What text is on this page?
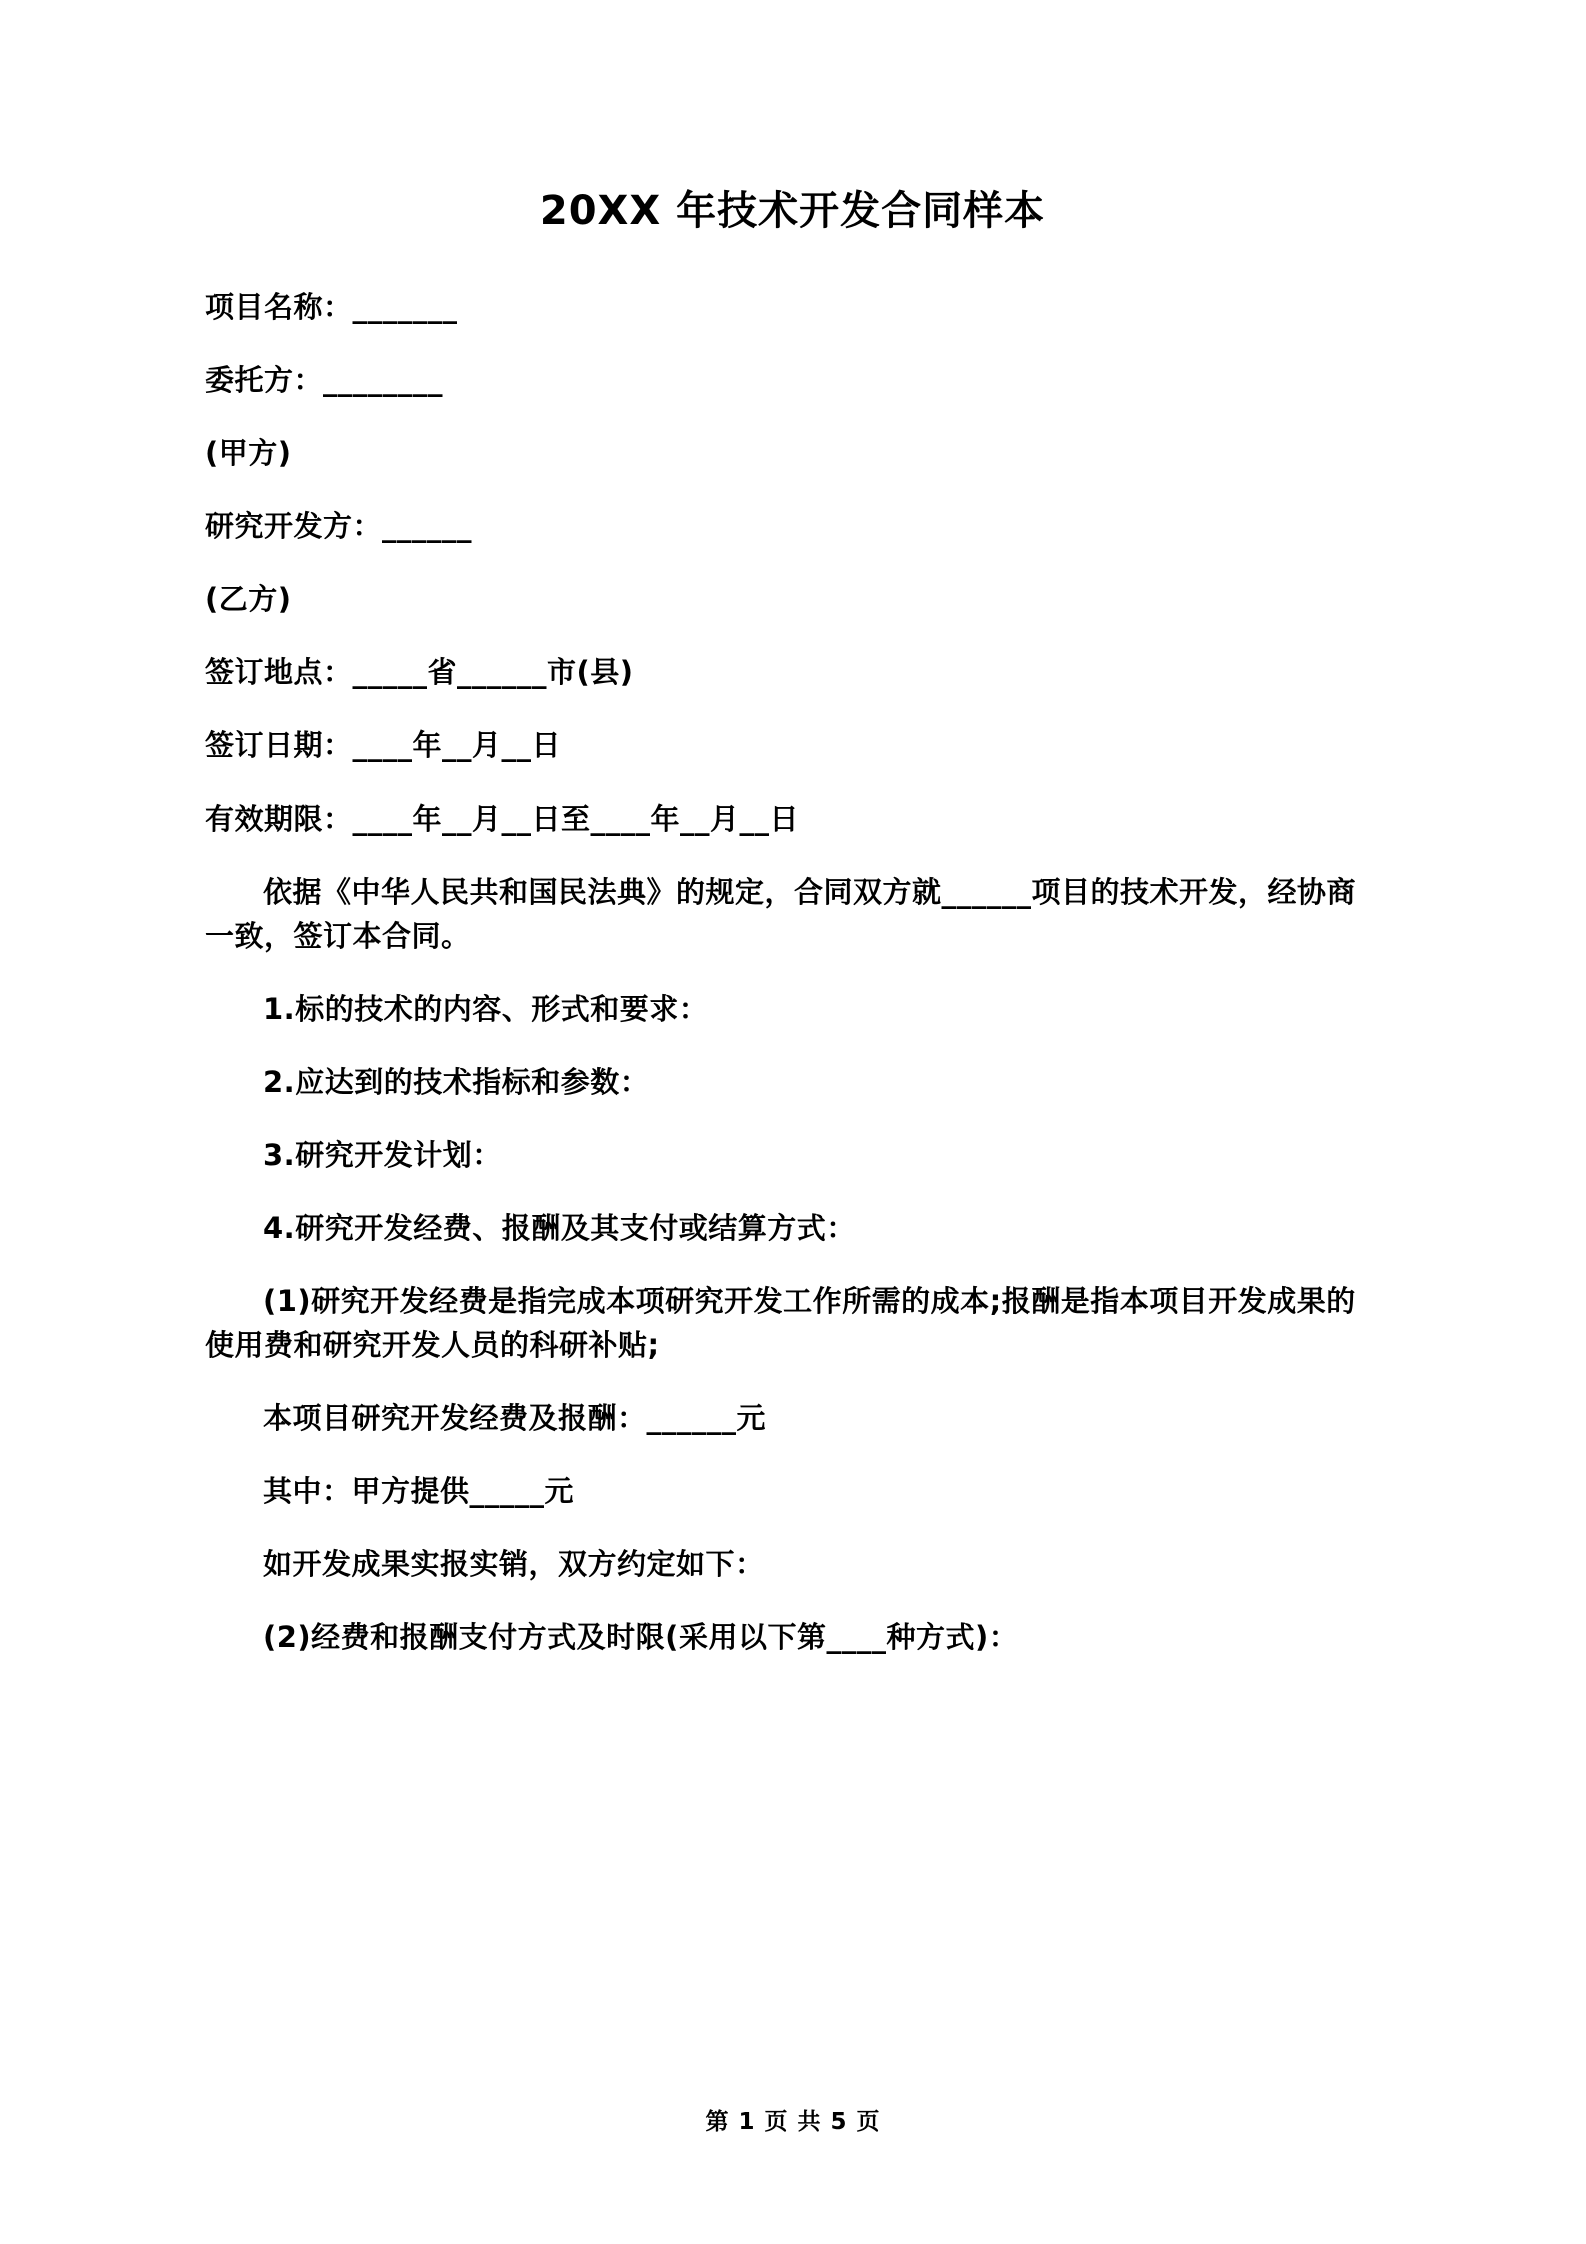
20XX 年技术开发合同样本

项目名称：_______

委托方：________

(甲方)

研究开发方：______

(乙方)

签订地点：_____省______市(县)

签订日期：____年__月__日

有效期限：____年__月__日至____年__月__日

依据《中华人民共和国民法典》的规定，合同双方就______项目的技术开发，经协商一致，签订本合同。

1.标的技术的内容、形式和要求：

2.应达到的技术指标和参数：

3.研究开发计划：

4.研究开发经费、报酬及其支付或结算方式：

(1)研究开发经费是指完成本项研究开发工作所需的成本;报酬是指本项目开发成果的使用费和研究开发人员的科研补贴;

本项目研究开发经费及报酬：______元

其中：甲方提供_____元

如开发成果实报实销，双方约定如下：

(2)经费和报酬支付方式及时限(采用以下第____种方式)：

第 1 页 共 5 页
